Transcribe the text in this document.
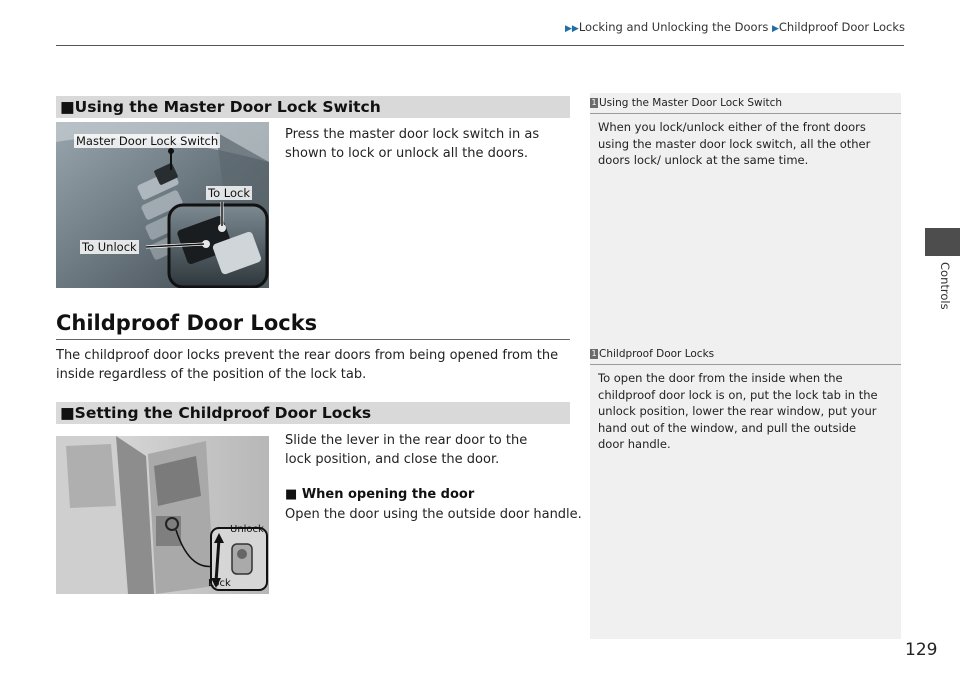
▶▶Locking and Unlocking the Doors ▶Childproof Door Locks
Controls
1 Using the Master Door Lock Switch
When you lock/unlock either of the front doors using the master door lock switch, all the other doors lock/ unlock at the same time.
1 Childproof Door Locks
To open the door from the inside when the childproof door lock is on, put the lock tab in the unlock position, lower the rear window, put your hand out of the window, and pull the outside door handle.
■Using the Master Door Lock Switch
Master Door Lock Switch
To Lock
To Unlock
Press the master door lock switch in as shown to lock or unlock all the doors.
Childproof Door Locks
The childproof door locks prevent the rear doors from being opened from the inside regardless of the position of the lock tab.
■Setting the Childproof Door Locks
Unlock
Lock
Slide the lever in the rear door to the lock position, and close the door.
■ When opening the door
Open the door using the outside door handle.
129
